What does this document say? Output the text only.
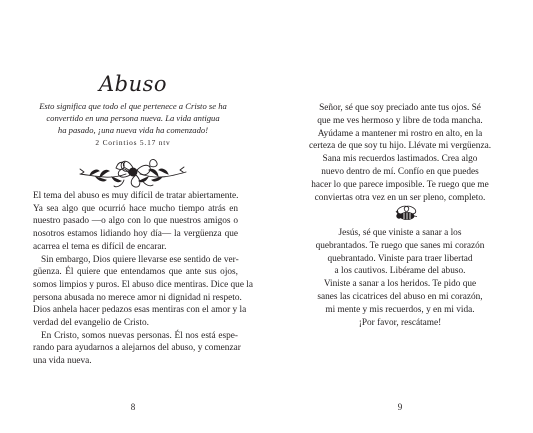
Abuso
Esto significa que todo el que pertenece a Cristo se ha
convertido en una persona nueva. La vida antigua
ha pasado, ¡una nueva vida ha comenzado!
2 Corintios 5.17 ntv
El tema del abuso es muy difícil de tratar abiertamente.
Ya sea algo que ocurrió hace mucho tiempo atrás en
nuestro pasado —o algo con lo que nuestros amigos o
nosotros estamos lidiando hoy día— la vergüenza que
acarrea el tema es difícil de encarar.
Sin embargo, Dios quiere llevarse ese sentido de ver-
güenza. Él quiere que entendamos que ante sus ojos,
somos limpios y puros. El abuso dice mentiras. Dice que la
persona abusada no merece amor ni dignidad ni respeto.
Dios anhela hacer pedazos esas mentiras con el amor y la
verdad del evangelio de Cristo.
En Cristo, somos nuevas personas. Él nos está espe-
rando para ayudarnos a alejarnos del abuso, y comenzar
una vida nueva.
8
Señor, sé que soy preciado ante tus ojos. Sé
que me ves hermoso y libre de toda mancha.
Ayúdame a mantener mi rostro en alto, en la
certeza de que soy tu hijo. Llévate mi vergüenza.
Sana mis recuerdos lastimados. Crea algo
nuevo dentro de mí. Confío en que puedes
hacer lo que parece imposible. Te ruego que me
conviertas otra vez en un ser pleno, completo.
Jesús, sé que viniste a sanar a los
quebrantados. Te ruego que sanes mi corazón
quebrantado. Viniste para traer libertad
a los cautivos. Libérame del abuso.
Viniste a sanar a los heridos. Te pido que
sanes las cicatrices del abuso en mi corazón,
mi mente y mis recuerdos, y en mi vida.
¡Por favor, rescátame!
9
